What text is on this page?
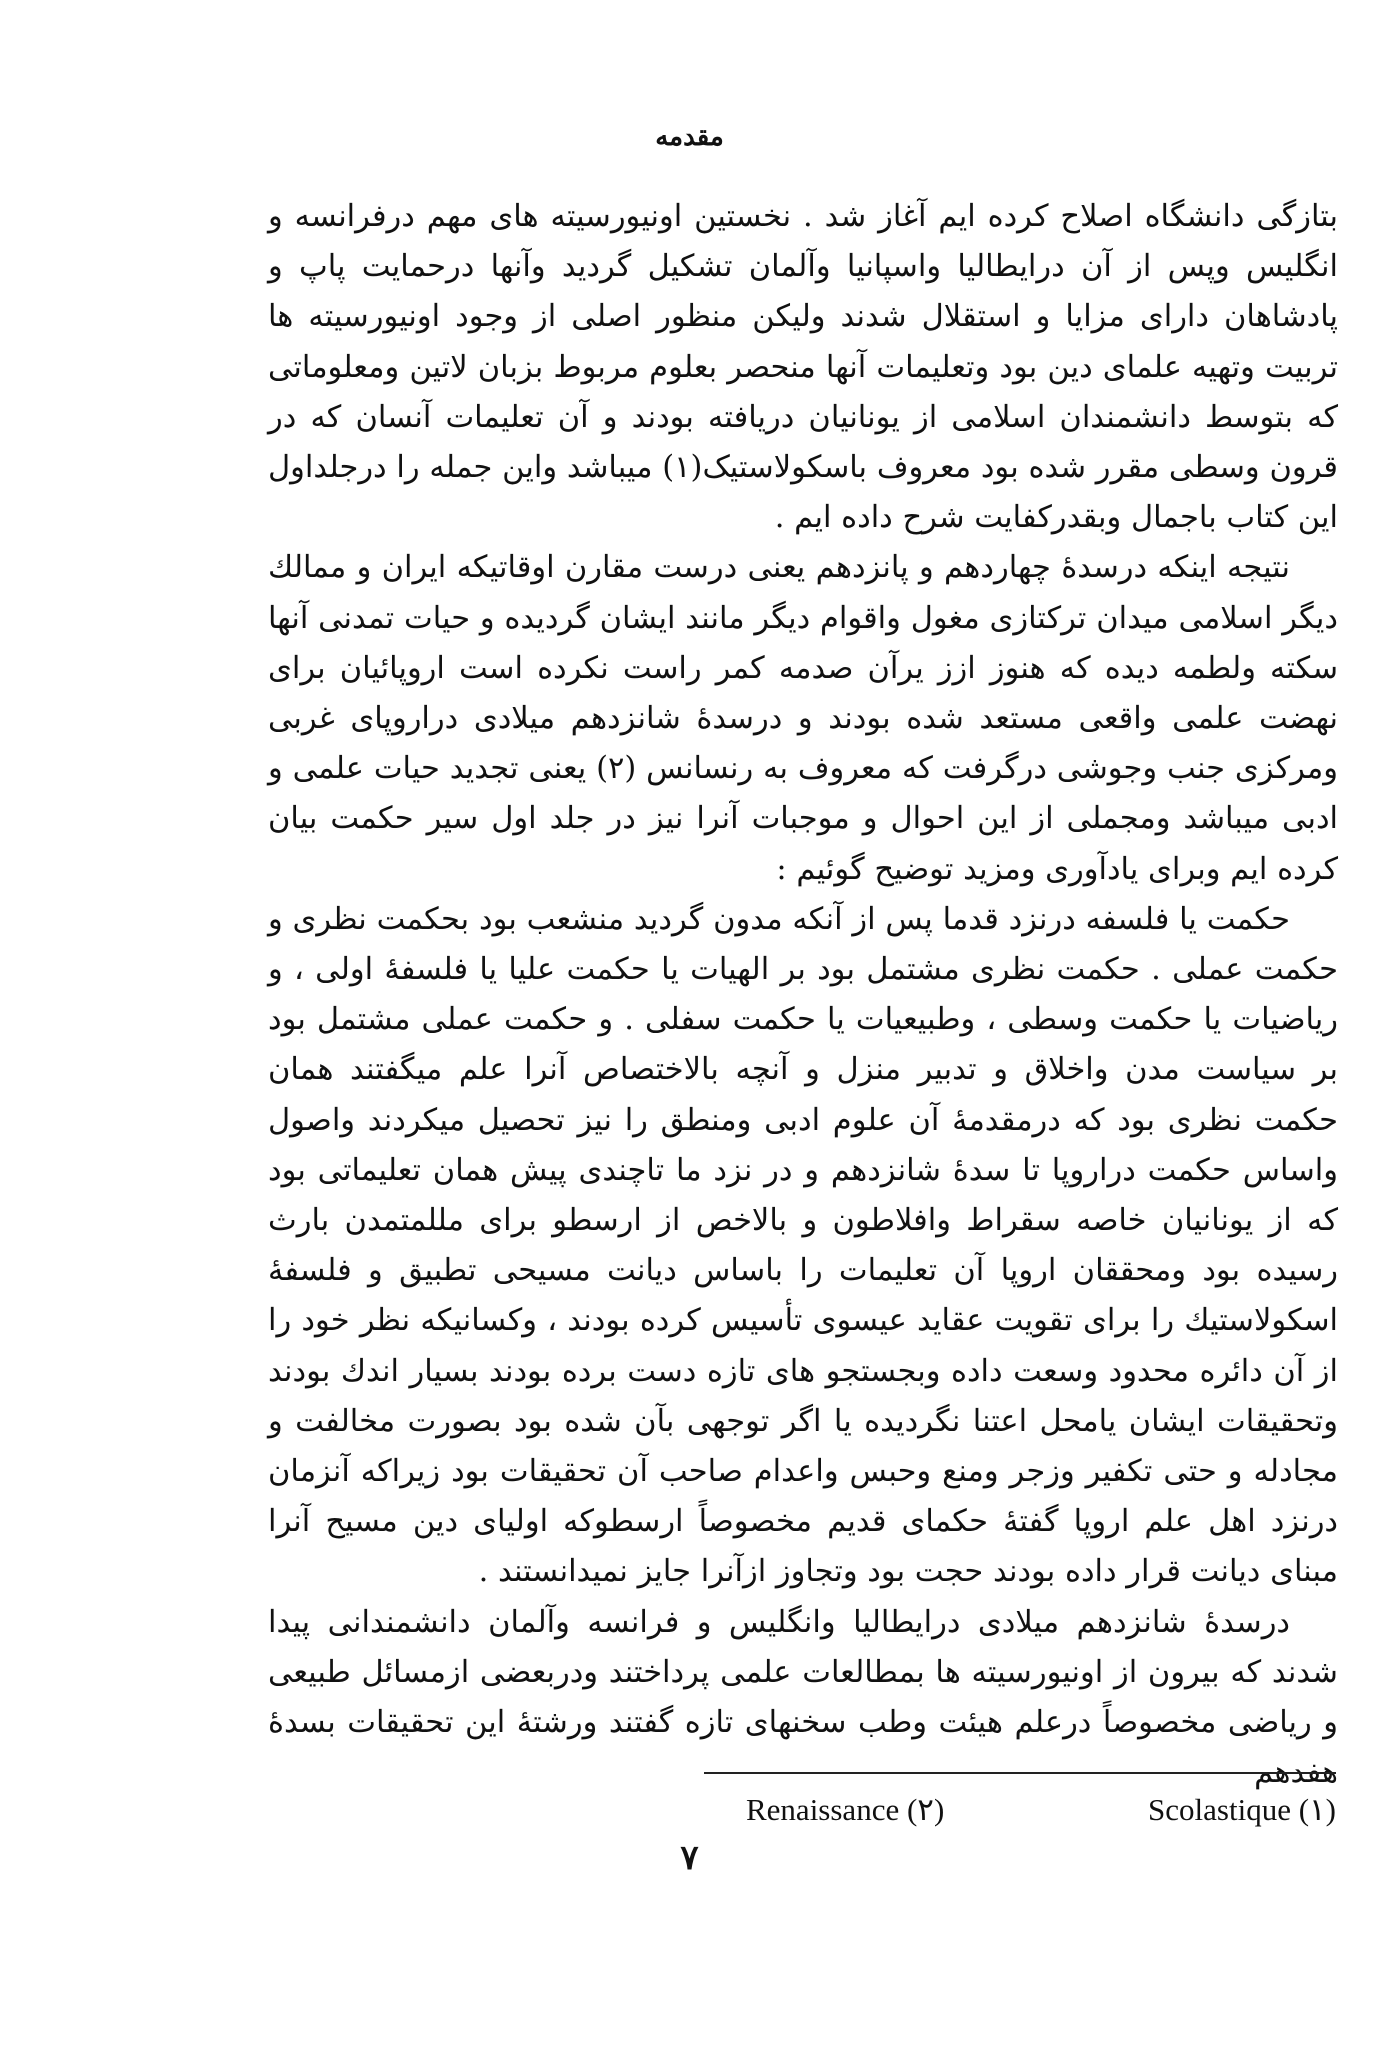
مقدمه

بتازگی دانشگاه اصلاح کرده ایم آغاز شد . نخستین اونیورسیته های مهم درفرانسه و انگلیس وپس از آن درایطالیا واسپانیا وآلمان تشکیل گردید وآنها درحمایت پاپ و پادشاهان دارای مزایا و استقلال شدند ولیکن منظور اصلی از وجود اونیورسیته ها تربیت وتهیه علمای دین بود وتعلیمات آنها منحصر بعلوم مربوط بزبان لاتین ومعلوماتی که بتوسط دانشمندان اسلامی از یونانیان دریافته بودند و آن تعلیمات آنسان که در قرون وسطی مقرر شده بود معروف باسکولاستیک(۱) میباشد واین جمله را درجلداول این کتاب باجمال وبقدرکفایت شرح داده ایم .

نتیجه اینکه درسدهٔ چهاردهم و پانزدهم یعنی درست مقارن اوقاتیکه ایران و ممالك دیگر اسلامی میدان ترکتازی مغول واقوام دیگر مانند ایشان گردیده و حیات تمدنی آنها سکته ولطمه دیده که هنوز ازز یرآن صدمه کمر راست نکرده است اروپائیان برای نهضت علمی واقعی مستعد شده بودند و درسدهٔ شانزدهم میلادی دراروپای غربی ومرکزی جنب وجوشی درگرفت که معروف به رنسانس (۲) یعنی تجدید حیات علمی و ادبی میباشد ومجملی از این احوال و موجبات آنرا نیز در جلد اول سیر حکمت بیان کرده ایم وبرای یادآوری ومزید توضیح گوئیم :

حکمت یا فلسفه درنزد قدما پس از آنکه مدون گردید منشعب بود بحکمت نظری و حکمت عملی . حکمت نظری مشتمل بود بر الهیات یا حکمت علیا یا فلسفهٔ اولی ، و ریاضیات یا حکمت وسطی ، وطبیعیات یا حکمت سفلی . و حکمت عملی مشتمل بود بر سیاست مدن واخلاق و تدبیر منزل و آنچه بالاختصاص آنرا علم میگفتند همان حکمت نظری بود که درمقدمهٔ آن علوم ادبی ومنطق را نیز تحصیل میکردند واصول واساس حکمت دراروپا تا سدهٔ شانزدهم و در نزد ما تاچندی پیش همان تعلیماتی بود که از یونانیان خاصه سقراط وافلاطون و بالاخص از ارسطو برای مللمتمدن بارث رسیده بود ومحققان اروپا آن تعلیمات را باساس دیانت مسیحی تطبیق و فلسفهٔ اسکولاستیك را برای تقویت عقاید عیسوی تأسیس کرده بودند ، وکسانیکه نظر خود را از آن دائره محدود وسعت داده وبجستجو های تازه دست برده بودند بسیار اندك بودند وتحقیقات ایشان یامحل اعتنا نگردیده یا اگر توجهی بآن شده بود بصورت مخالفت و مجادله و حتی تکفیر وزجر ومنع وحبس واعدام صاحب آن تحقیقات بود زیراکه آنزمان درنزد اهل علم اروپا گفتهٔ حکمای قدیم مخصوصاً ارسطوکه اولیای دین مسیح آنرا مبنای دیانت قرار داده بودند حجت بود وتجاوز ازآنرا جایز نمیدانستند .

درسدهٔ شانزدهم میلادی درایطالیا وانگلیس و فرانسه وآلمان دانشمندانی پیدا شدند که بیرون از اونیورسیته ها بمطالعات علمی پرداختند ودربعضی ازمسائل طبیعی و ریاضی مخصوصاً درعلم هیئت وطب سخنهای تازه گفتند ورشتهٔ این تحقیقات بسدهٔ هفدهم

Renaissance (۲)	Scolastique (۱)
۷
